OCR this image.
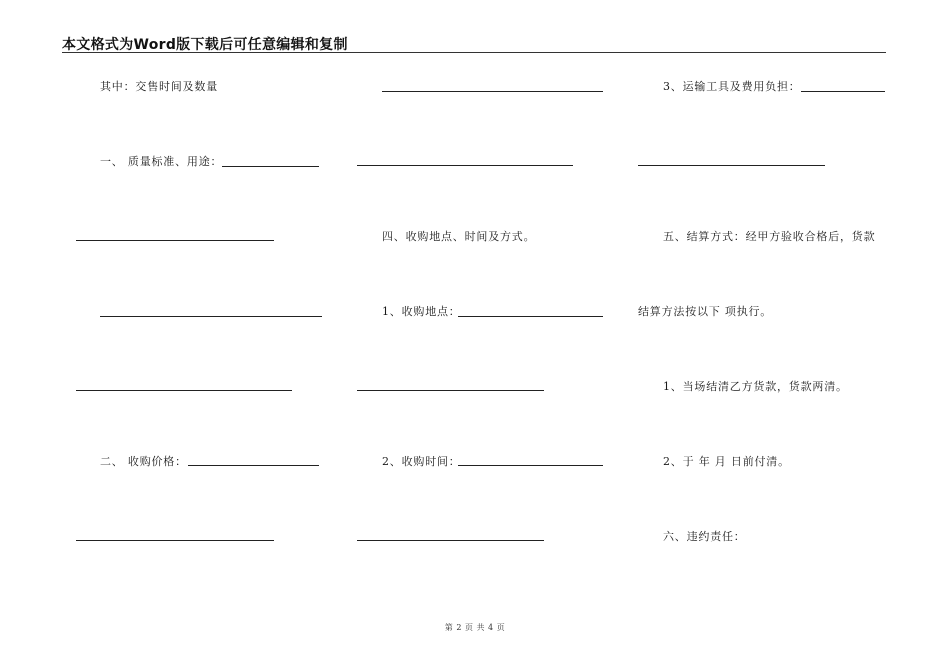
本文格式为Word版下载后可任意编辑和复制
其中：交售时间及数量
一、 质量标准、用途：
二、 收购价格：
四、收购地点、时间及方式。
1、收购地点：
2、收购时间：
3、运输工具及费用负担：
五、结算方式：经甲方验收合格后，货款
结算方法按以下 项执行。
1、当场结清乙方货款，货款两清。
2、于 年 月 日前付清。
六、违约责任：
第 2 页 共 4 页
